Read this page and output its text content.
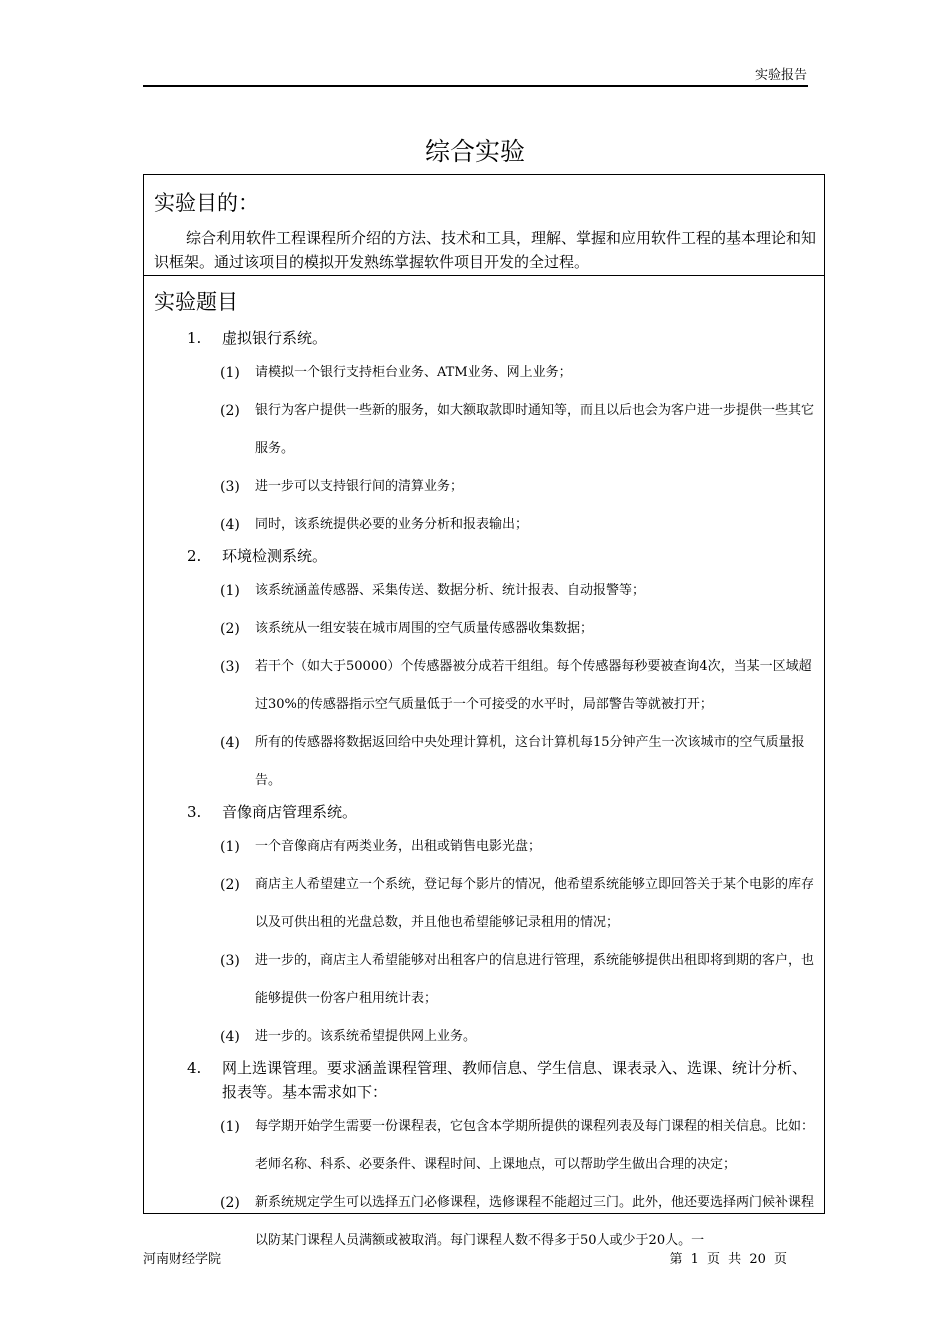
实验报告
综合实验
实验目的：
综合利用软件工程课程所介绍的方法、技术和工具，理解、掌握和应用软件工程的基本理论和知识框架。通过该项目的模拟开发熟练掌握软件项目开发的全过程。
实验题目
1. 虚拟银行系统。
(1) 请模拟一个银行支持柜台业务、ATM业务、网上业务；
(2) 银行为客户提供一些新的服务，如大额取款即时通知等，而且以后也会为客户进一步提供一些其它服务。
(3) 进一步可以支持银行间的清算业务；
(4) 同时，该系统提供必要的业务分析和报表输出；
2. 环境检测系统。
(1) 该系统涵盖传感器、采集传送、数据分析、统计报表、自动报警等；
(2) 该系统从一组安装在城市周围的空气质量传感器收集数据；
(3) 若干个（如大于50000）个传感器被分成若干组组。每个传感器每秒要被查询4次，当某一区域超过30%的传感器指示空气质量低于一个可接受的水平时，局部警告等就被打开；
(4) 所有的传感器将数据返回给中央处理计算机，这台计算机每15分钟产生一次该城市的空气质量报告。
3. 音像商店管理系统。
(1) 一个音像商店有两类业务，出租或销售电影光盘；
(2) 商店主人希望建立一个系统，登记每个影片的情况，他希望系统能够立即回答关于某个电影的库存以及可供出租的光盘总数，并且他也希望能够记录租用的情况；
(3) 进一步的，商店主人希望能够对出租客户的信息进行管理，系统能够提供出租即将到期的客户，也能够提供一份客户租用统计表；
(4) 进一步的。该系统希望提供网上业务。
4. 网上选课管理。要求涵盖课程管理、教师信息、学生信息、课表录入、选课、统计分析、报表等。基本需求如下：
(1) 每学期开始学生需要一份课程表，它包含本学期所提供的课程列表及每门课程的相关信息。比如：老师名称、科系、必要条件、课程时间、上课地点，可以帮助学生做出合理的决定；
(2) 新系统规定学生可以选择五门必修课程，选修课程不能超过三门。此外，他还要选择两门候补课程以防某门课程人员满额或被取消。每门课程人数不得多于50人或少于20人。一
河南财经学院	第 1 页 共 20 页
